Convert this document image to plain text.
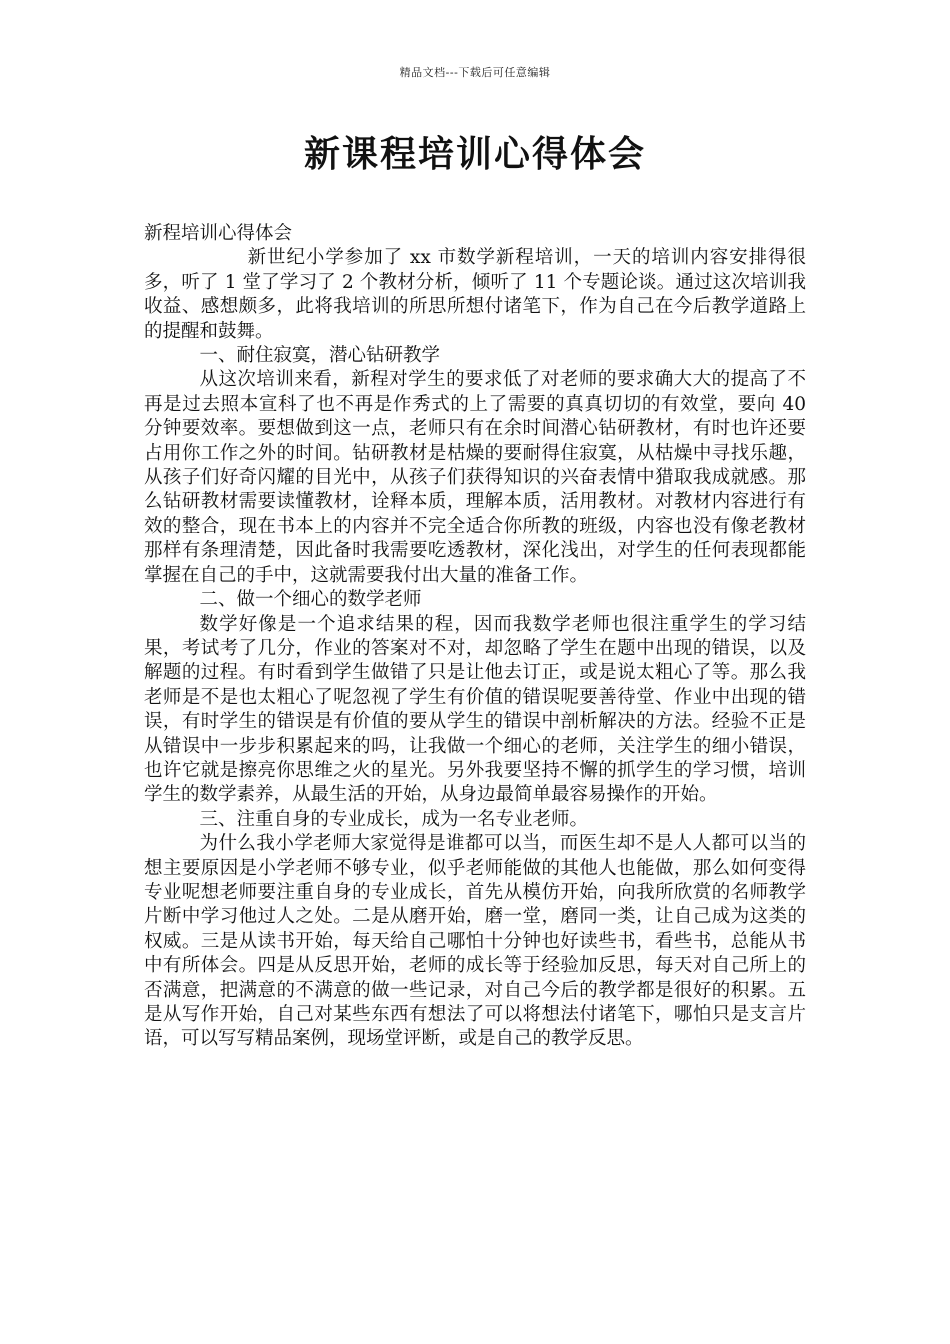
精品文档---下载后可任意编辑
新课程培训心得体会

新程培训心得体会

新世纪小学参加了 xx 市数学新程培训，一天的培训内容安排得很多，听了 1 堂了学习了 2 个教材分析，倾听了 11 个专题论谈。通过这次培训我收益、感想颇多，此将我培训的所思所想付诸笔下，作为自己在今后教学道路上的提醒和鼓舞。

一、耐住寂寞，潜心钻研教学

从这次培训来看，新程对学生的要求低了对老师的要求确大大的提高了不再是过去照本宣科了也不再是作秀式的上了需要的真真切切的有效堂，要向 40 分钟要效率。要想做到这一点，老师只有在余时间潜心钻研教材，有时也许还要占用你工作之外的时间。钻研教材是枯燥的要耐得住寂寞，从枯燥中寻找乐趣，从孩子们好奇闪耀的目光中，从孩子们获得知识的兴奋表情中猎取我成就感。那么钻研教材需要读懂教材，诠释本质，理解本质，活用教材。对教材内容进行有效的整合，现在书本上的内容并不完全适合你所教的班级，内容也没有像老教材那样有条理清楚，因此备时我需要吃透教材，深化浅出，对学生的任何表现都能掌握在自己的手中，这就需要我付出大量的准备工作。

二、做一个细心的数学老师

数学好像是一个追求结果的程，因而我数学老师也很注重学生的学习结果，考试考了几分，作业的答案对不对，却忽略了学生在题中出现的错误，以及解题的过程。有时看到学生做错了只是让他去订正，或是说太粗心了等。那么我老师是不是也太粗心了呢忽视了学生有价值的错误呢要善待堂、作业中出现的错误，有时学生的错误是有价值的要从学生的错误中剖析解决的方法。经验不正是从错误中一步步积累起来的吗，让我做一个细心的老师，关注学生的细小错误，也许它就是擦亮你思维之火的星光。另外我要坚持不懈的抓学生的学习惯，培训学生的数学素养，从最生活的开始，从身边最简单最容易操作的开始。

三、注重自身的专业成长，成为一名专业老师。

为什么我小学老师大家觉得是谁都可以当，而医生却不是人人都可以当的想主要原因是小学老师不够专业，似乎老师能做的其他人也能做，那么如何变得专业呢想老师要注重自身的专业成长，首先从模仿开始，向我所欣赏的名师教学片断中学习他过人之处。二是从磨开始，磨一堂，磨同一类，让自己成为这类的权威。三是从读书开始，每天给自己哪怕十分钟也好读些书，看些书，总能从书中有所体会。四是从反思开始，老师的成长等于经验加反思，每天对自己所上的否满意，把满意的不满意的做一些记录，对自己今后的教学都是很好的积累。五是从写作开始，自己对某些东西有想法了可以将想法付诸笔下，哪怕只是支言片语，可以写写精品案例，现场堂评断，或是自己的教学反思。
